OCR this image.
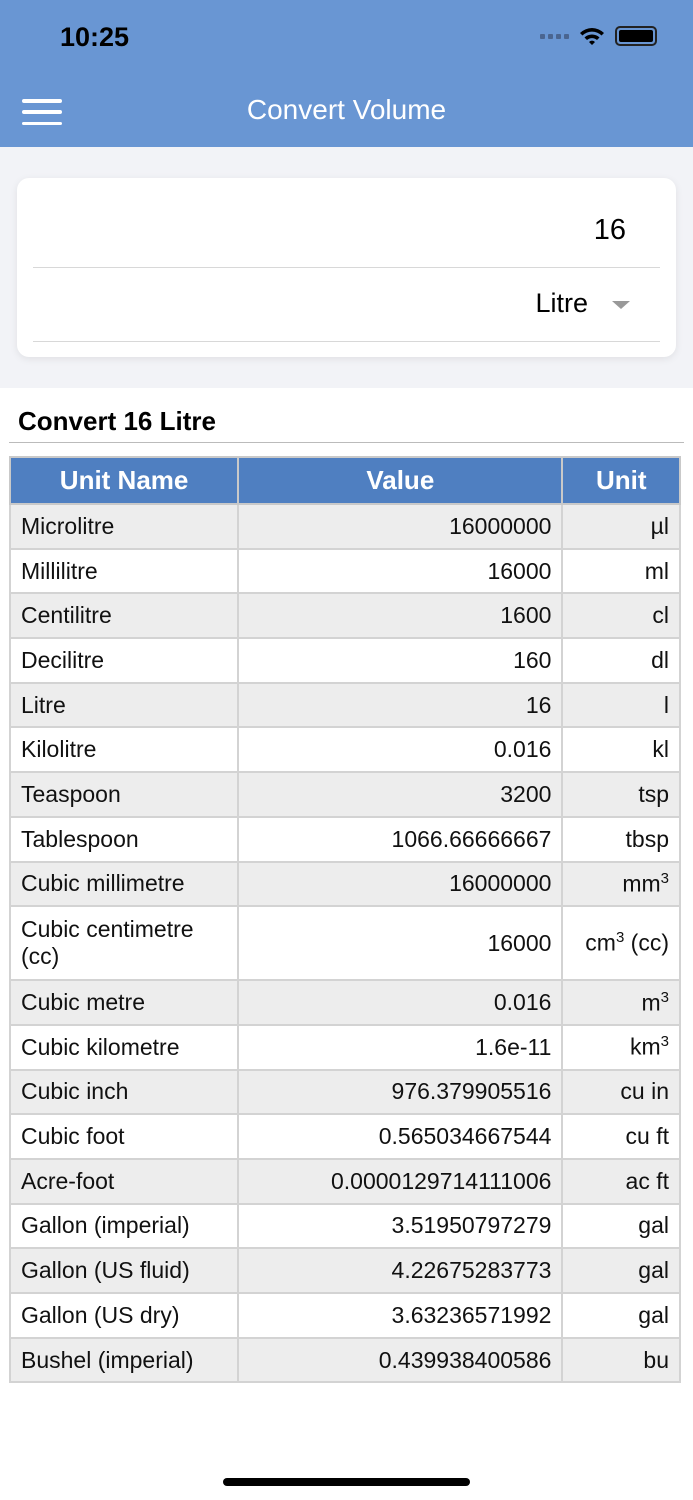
10:25
Convert Volume
16
Litre
Convert 16 Litre
Unit Name	Value	Unit
Microlitre	16000000	µl
Millilitre	16000	ml
Centilitre	1600	cl
Decilitre	160	dl
Litre	16	l
Kilolitre	0.016	kl
Teaspoon	3200	tsp
Tablespoon	1066.66666667	tbsp
Cubic millimetre	16000000	$mm^3$
Cubic centimetre (cc)	16000	$cm^3$ (cc)
Cubic metre	0.016	$m^3$
Cubic kilometre	1.6e-11	$km^3$
Cubic inch	976.379905516	cu in
Cubic foot	0.565034667544	cu ft
Acre-foot	0.0000129714111006	ac ft
Gallon (imperial)	3.51950797279	gal
Gallon (US fluid)	4.22675283773	gal
Gallon (US dry)	3.63236571992	gal
Bushel (imperial)	0.439938400586	bu
